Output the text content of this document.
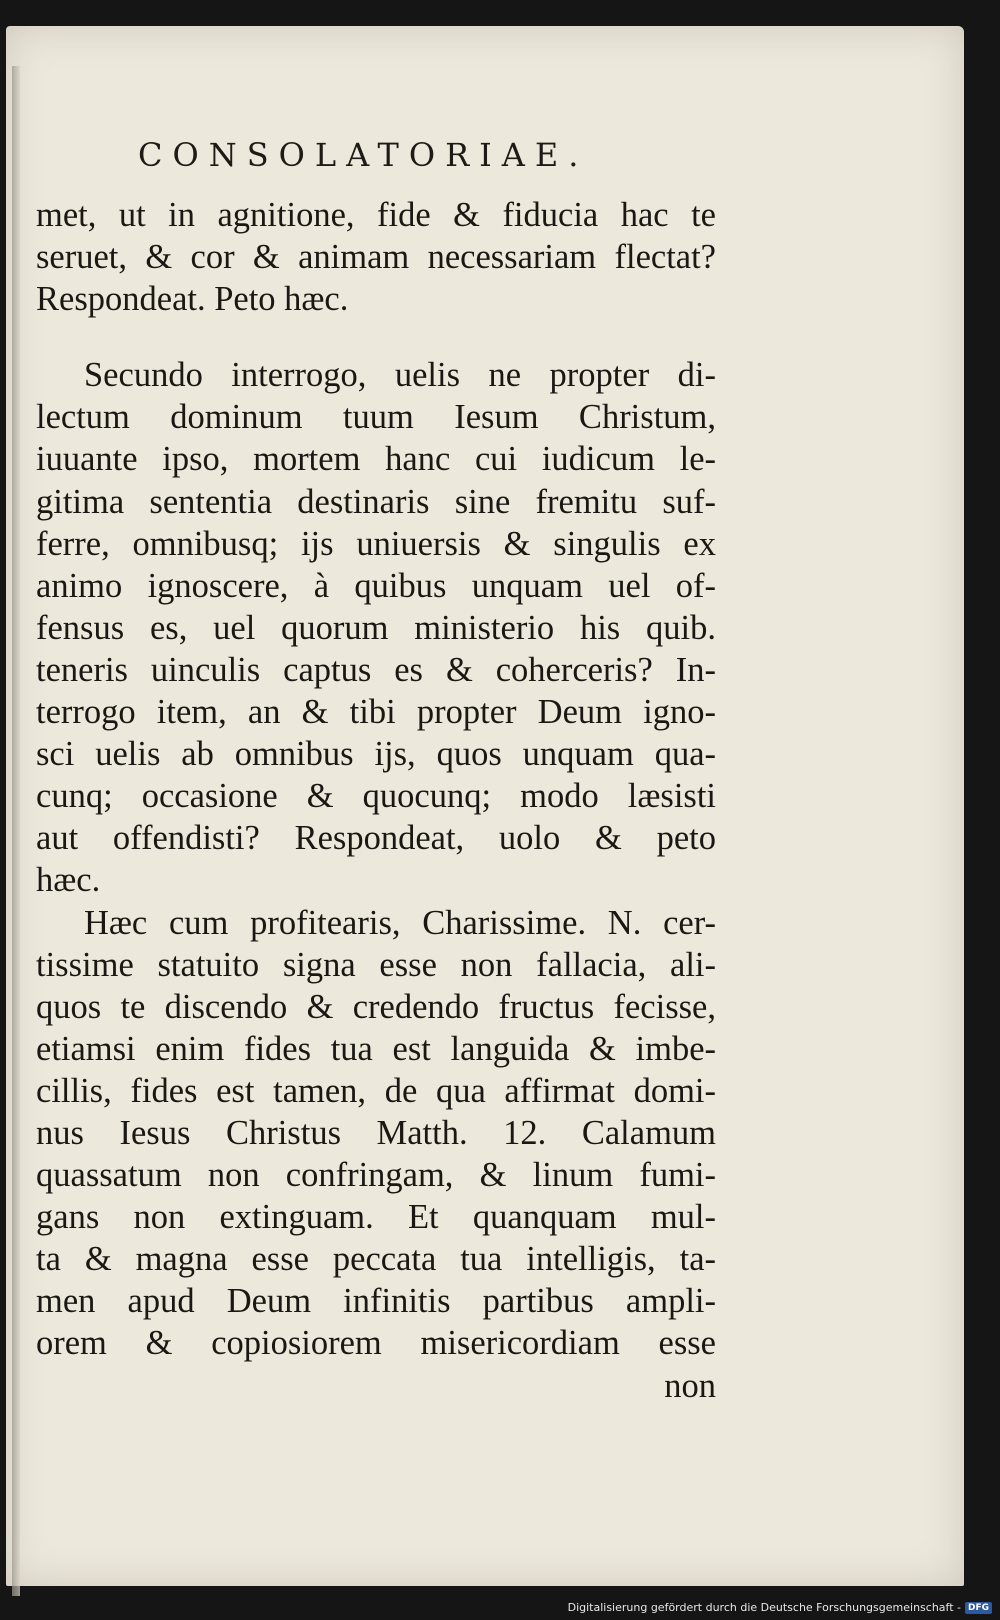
CONSOLATORIAE.
met, ut in agnitione, fide & fiducia hac te
seruet, & cor & animam necessariam flectat?
Respondeat. Peto hæc.
Secundo interrogo, uelis ne propter di-
lectum dominum tuum Iesum Christum,
iuuante ipso, mortem hanc cui iudicum le-
gitima sententia destinaris sine fremitu suf-
ferre, omnibusq; ijs uniuersis & singulis ex
animo ignoscere, à quibus unquam uel of-
fensus es, uel quorum ministerio his quib.
teneris uinculis captus es & coherceris? In-
terrogo item, an & tibi propter Deum igno-
sci uelis ab omnibus ijs, quos unquam qua-
cunq; occasione & quocunq; modo læsisti
aut offendisti? Respondeat, uolo & peto
hæc.
Hæc cum profitearis, Charissime. N. cer-
tissime statuito signa esse non fallacia, ali-
quos te discendo & credendo fructus fecisse,
etiamsi enim fides tua est languida & imbe-
cillis, fides est tamen, de qua affirmat domi-
nus Iesus Christus Matth. 12. Calamum
quassatum non confringam, & linum fumi-
gans non extinguam. Et quanquam mul-
ta & magna esse peccata tua intelligis, ta-
men apud Deum infinitis partibus ampli-
orem & copiosiorem misericordiam esse
non
Digitalisierung gefördert durch die Deutsche Forschungsgemeinschaft - DFG
